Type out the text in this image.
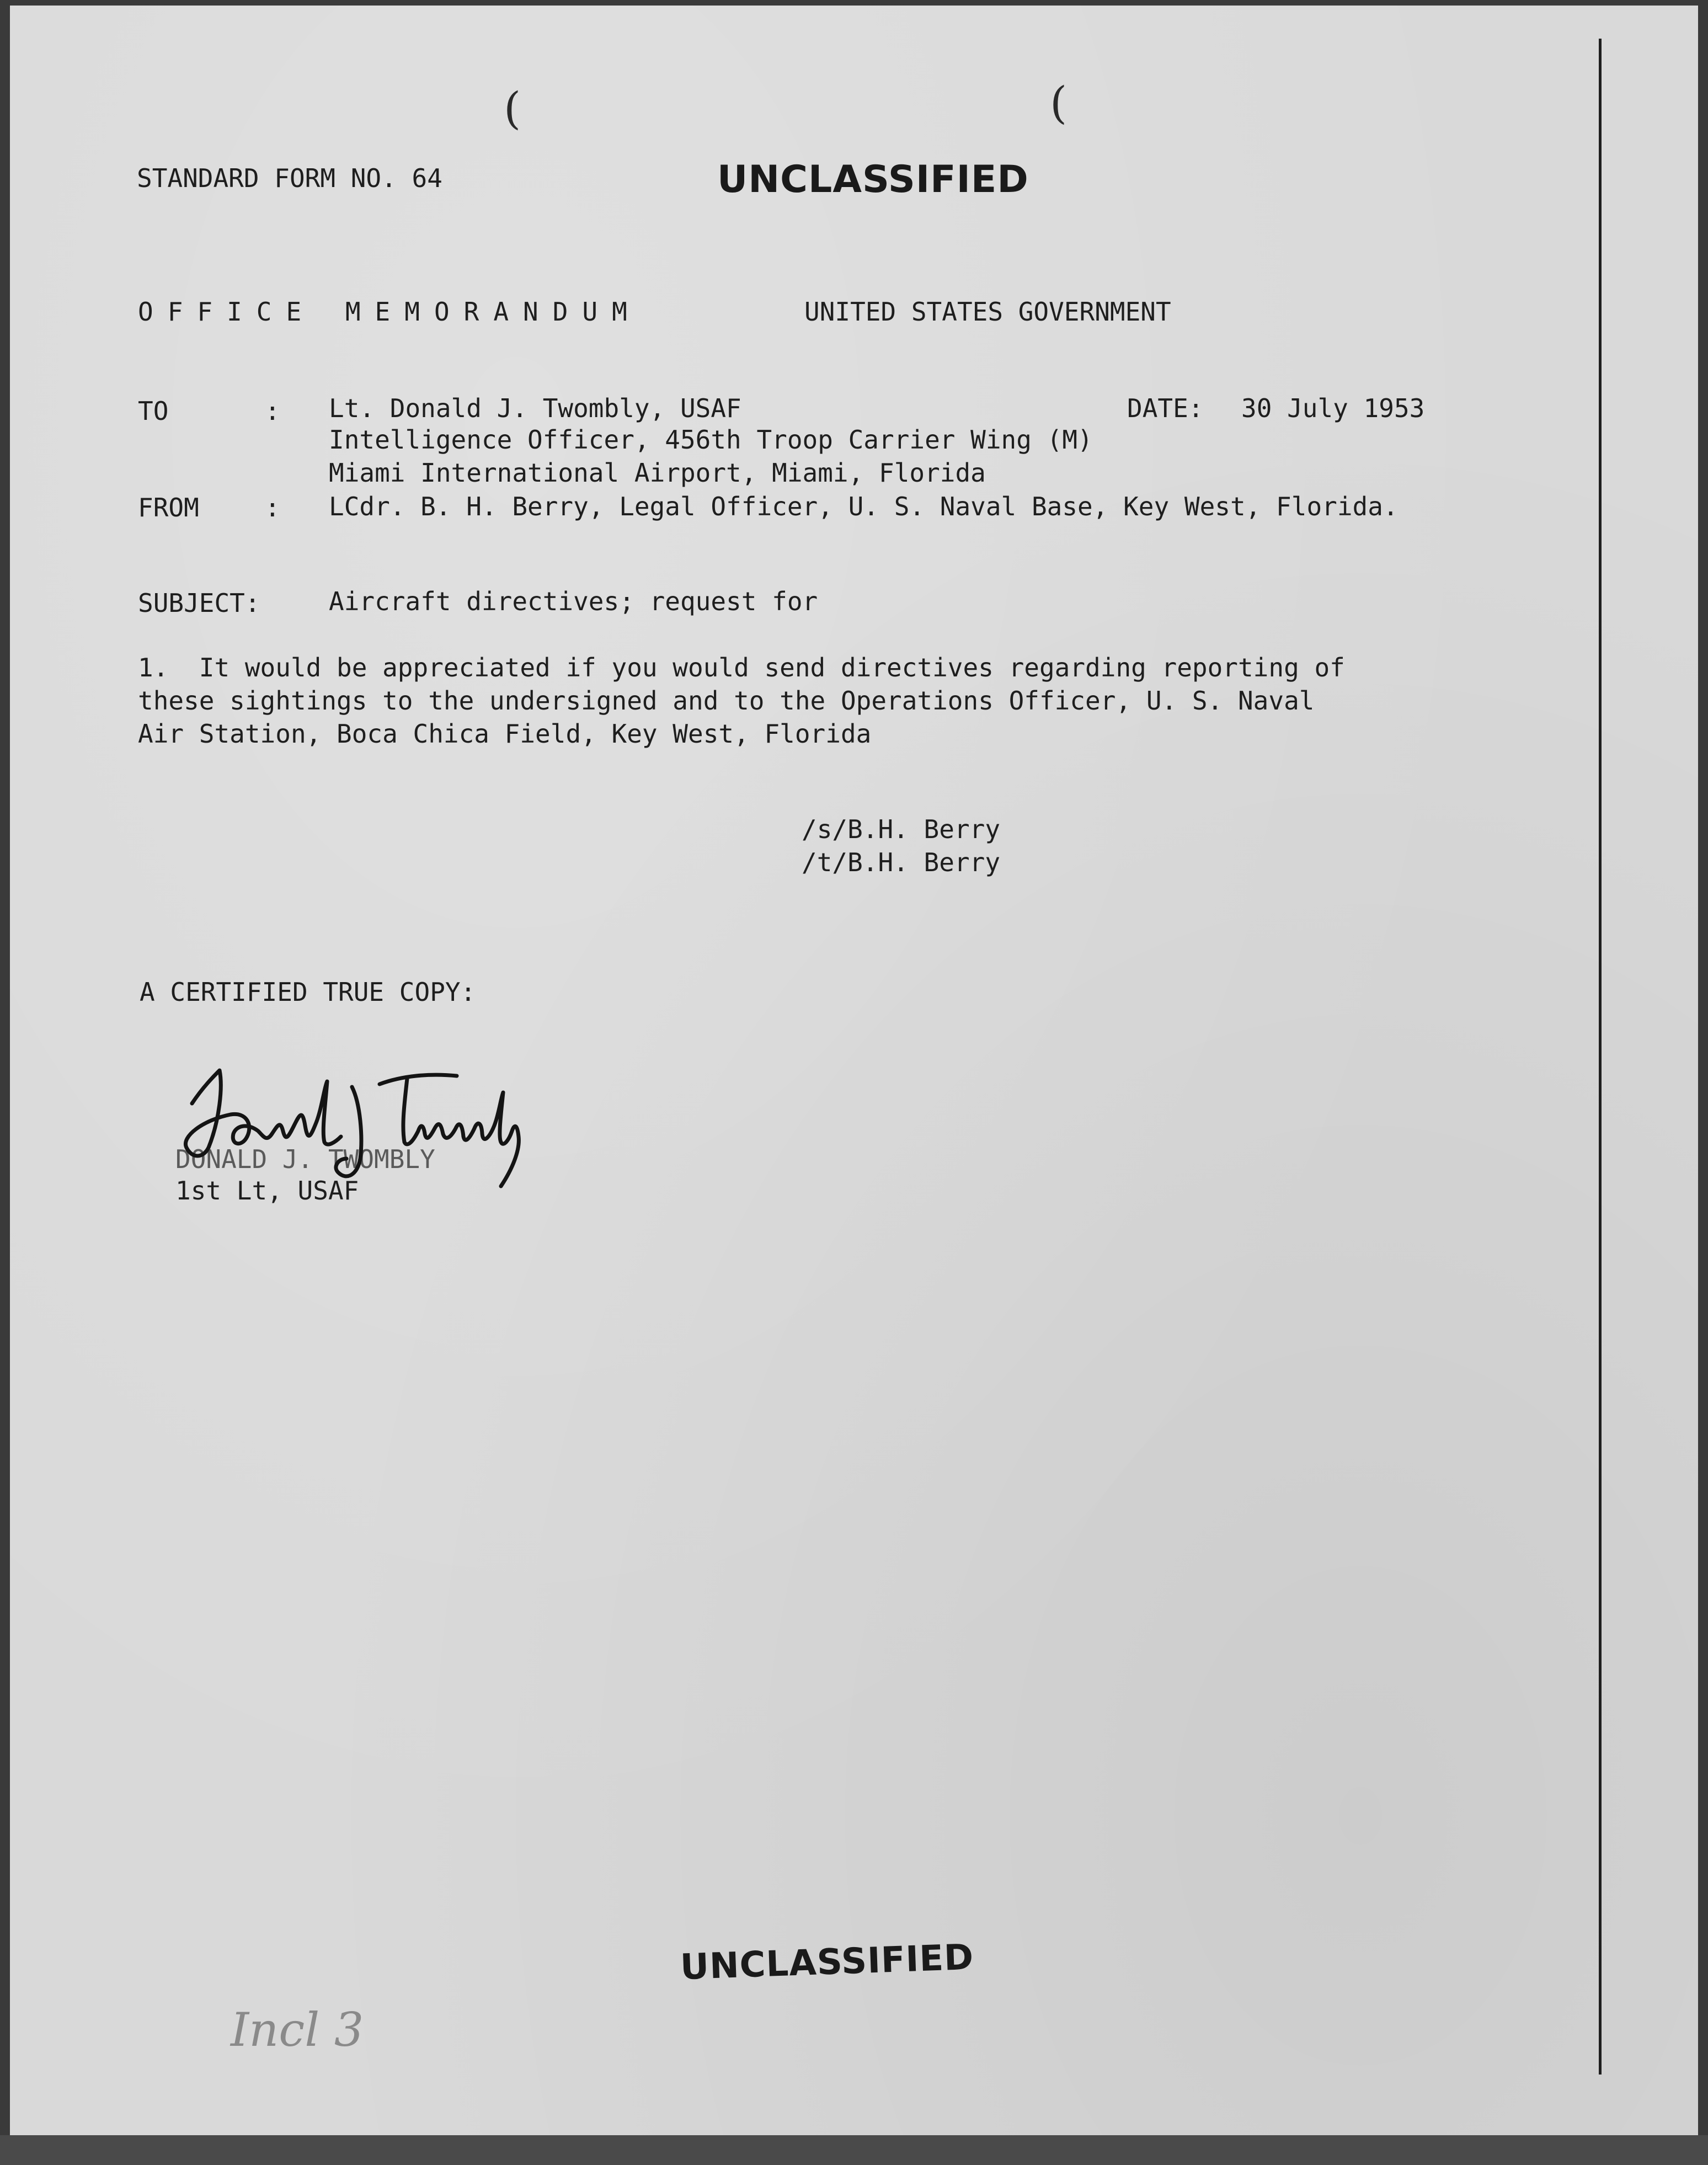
(	(
STANDARD FORM NO. 64	UNCLASSIFIED
OFFICE MEMORANDUM	UNITED STATES GOVERNMENT
TO	: Lt. Donald J. Twombly, USAF
Intelligence Officer, 456th Troop Carrier Wing (M)
Miami International Airport, Miami, Florida
DATE: 30 July 1953
FROM	: LCdr. B. H. Berry, Legal Officer, U. S. Naval Base, Key West, Florida.
SUBJECT:	Aircraft directives; request for
1.  It would be appreciated if you would send directives regarding reporting of
these sightings to the undersigned and to the Operations Officer, U. S. Naval
Air Station, Boca Chica Field, Key West, Florida
/s/B.H. Berry
/t/B.H. Berry
A CERTIFIED TRUE COPY:
DONALD J. TWOMBLY
1st Lt, USAF
UNCLASSIFIED
Incl 3
